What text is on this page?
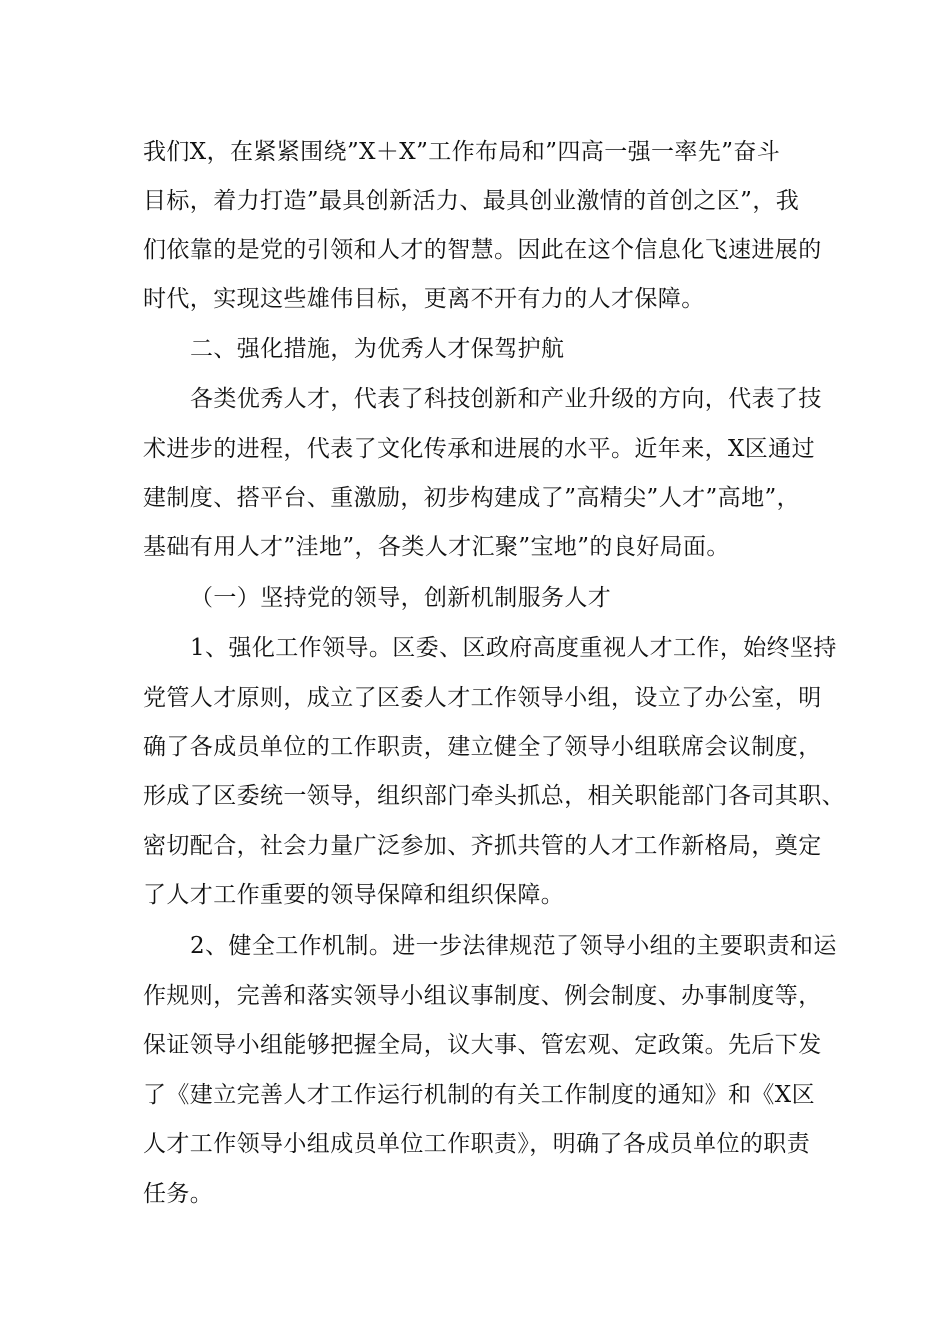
我们X，在紧紧围绕”X＋X”工作布局和”四高一强一率先”奋斗

目标，着力打造”最具创新活力、最具创业激情的首创之区”，我

们依靠的是党的引领和人才的智慧。因此在这个信息化飞速进展的

时代，实现这些雄伟目标，更离不开有力的人才保障。

二、强化措施，为优秀人才保驾护航

各类优秀人才，代表了科技创新和产业升级的方向，代表了技

术进步的进程，代表了文化传承和进展的水平。近年来，X区通过

建制度、搭平台、重激励，初步构建成了”高精尖”人才”高地”，

基础有用人才”洼地”，各类人才汇聚”宝地”的良好局面。

（一）坚持党的领导，创新机制服务人才

1、强化工作领导。区委、区政府高度重视人才工作，始终坚持

党管人才原则，成立了区委人才工作领导小组，设立了办公室，明

确了各成员单位的工作职责，建立健全了领导小组联席会议制度，

形成了区委统一领导，组织部门牵头抓总，相关职能部门各司其职、

密切配合，社会力量广泛参加、齐抓共管的人才工作新格局，奠定

了人才工作重要的领导保障和组织保障。

2、健全工作机制。进一步法律规范了领导小组的主要职责和运

作规则，完善和落实领导小组议事制度、例会制度、办事制度等，

保证领导小组能够把握全局，议大事、管宏观、定政策。先后下发

了《建立完善人才工作运行机制的有关工作制度的通知》和《X区

人才工作领导小组成员单位工作职责》，明确了各成员单位的职责

任务。
